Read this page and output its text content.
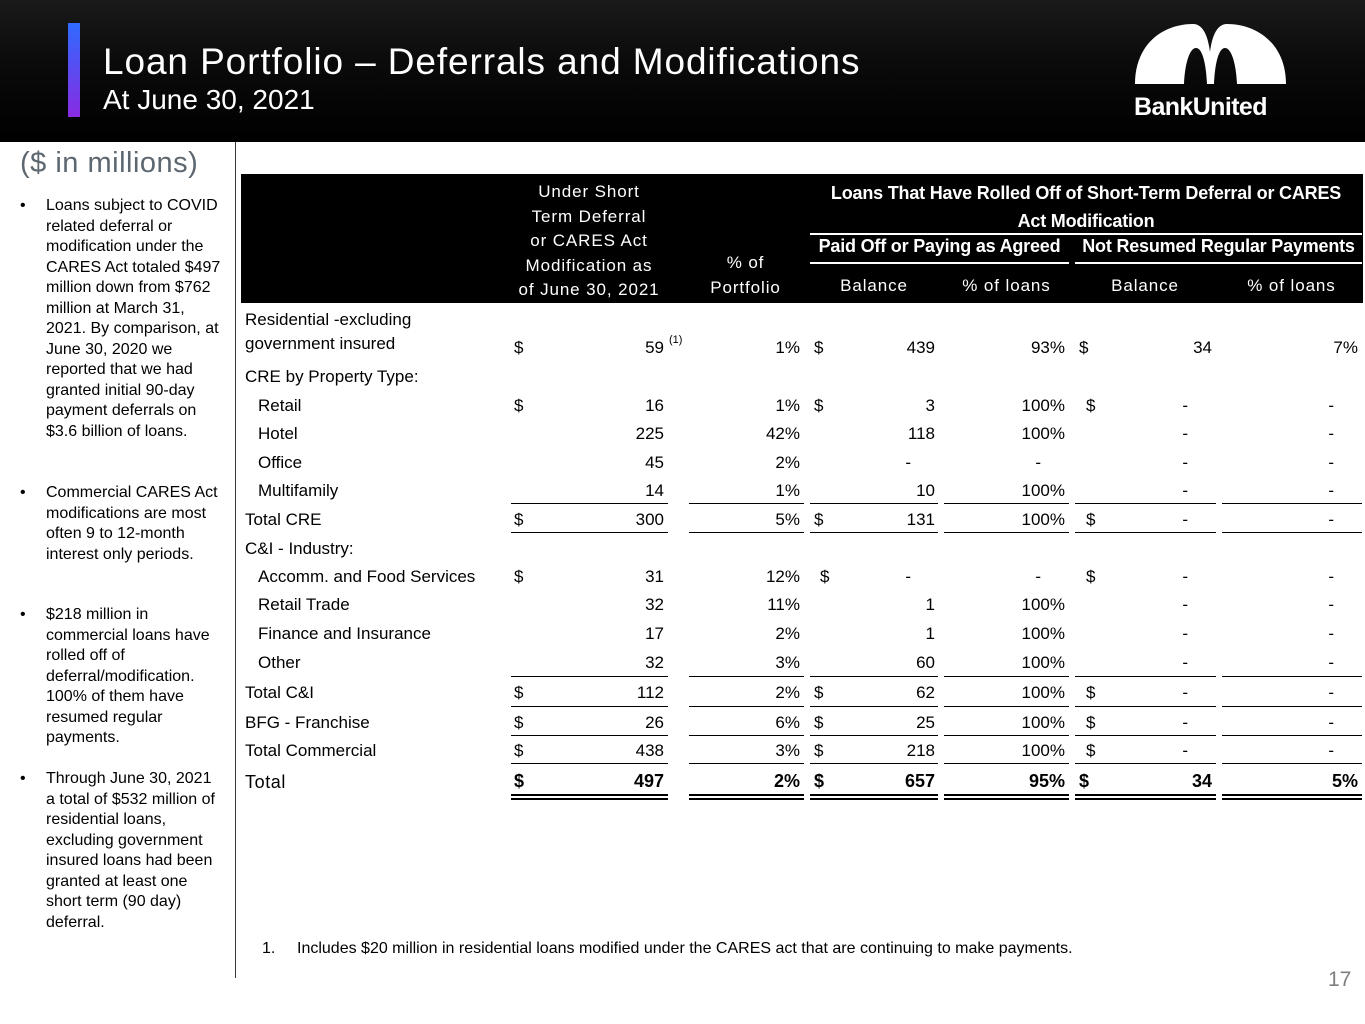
Loan Portfolio – Deferrals and Modifications
At June 30, 2021	BankUnited
($ in millions)
• Loans subject to COVID related deferral or modification under the CARES Act totaled $497 million down from $762 million at March 31, 2021. By comparison, at June 30, 2020 we reported that we had granted initial 90-day payment deferrals on $3.6 billion of loans.
• Commercial CARES Act modifications are most often 9 to 12-month interest only periods.
• $218 million in commercial loans have rolled off of deferral/modification. 100% of them have resumed regular payments.
• Through June 30, 2021 a total of $532 million of residential loans, excluding government insured loans had been granted at least one short term (90 day) deferral.
Under Short
Term Deferral
or CARES Act
Modification as
of June 30, 2021
% of
Portfolio
Loans That Have Rolled Off of Short-Term Deferral or CARES
Act Modification
Paid Off or Paying as Agreed	Not Resumed Regular Payments
Balance	% of loans	Balance	% of loans
Residential -excluding
government insured	$	59 (1)	1% $	439	93% $	34	7%
CRE by Property Type:
Retail	$	16	1% $	3	100% $	-	-
Hotel	225	42%	118	100%	-	-
Office	45	2%	-	-	-	-
Multifamily	14	1%	10	100%	-	-
Total CRE	$	300	5% $	131	100% $	-	-
C&I - Industry:
Accomm. and Food Services $	31	12% $	-	-	$	-	-
Retail Trade	32	11%	1	100%	-	-
Finance and Insurance	17	2%	1	100%	-	-
Other	32	3%	60	100%	-	-
Total C&I	$	112	2% $	62	100% $	-	-
BFG - Franchise	$	26	6% $	25	100% $	-	-
Total Commercial	$	438	3% $	218	100% $	-	-
Total	$	497	2% $	657	95% $	34	5%
1. Includes $20 million in residential loans modified under the CARES act that are continuing to make payments.
17
